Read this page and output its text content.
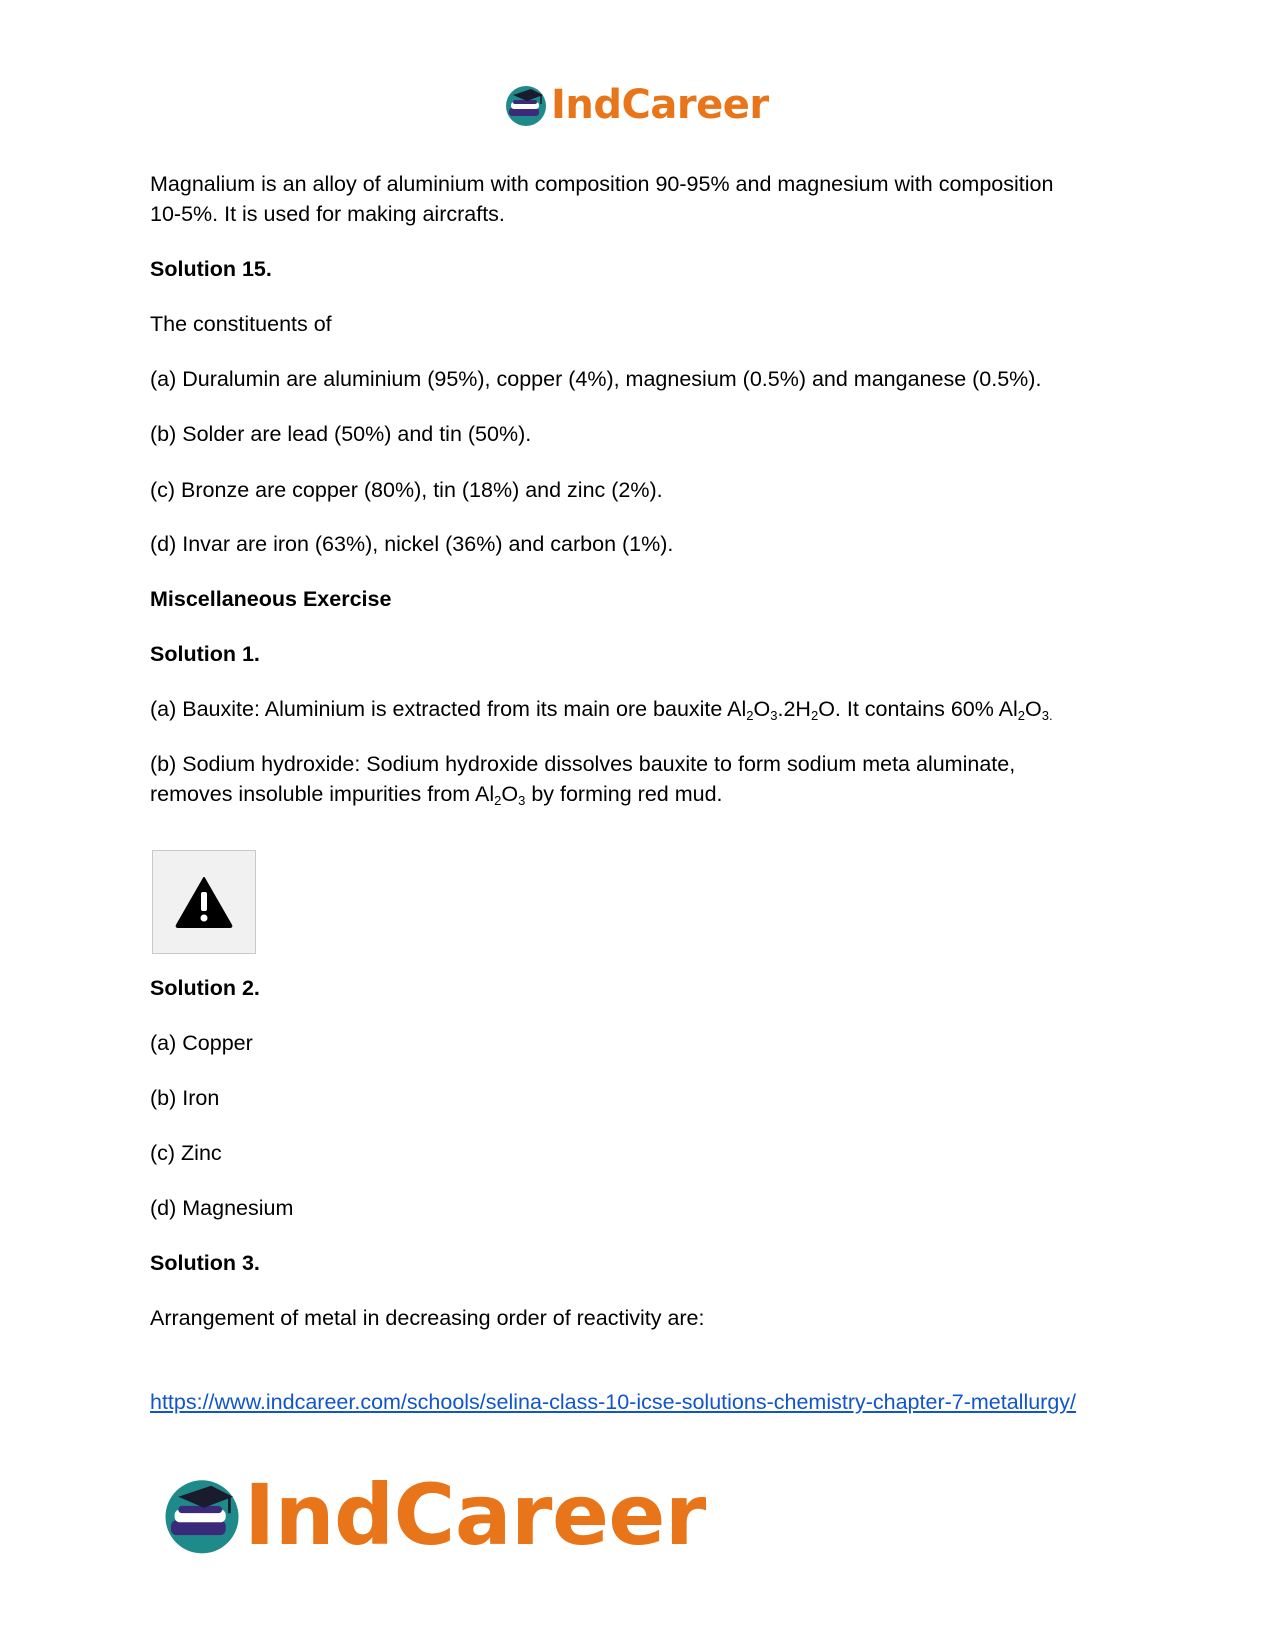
IndCareer
Magnalium is an alloy of aluminium with composition 90-95% and magnesium with composition
10-5%. It is used for making aircrafts.
Solution 15.
The constituents of
(a) Duralumin are aluminium (95%), copper (4%), magnesium (0.5%) and manganese (0.5%).
(b) Solder are lead (50%) and tin (50%).
(c) Bronze are copper (80%), tin (18%) and zinc (2%).
(d) Invar are iron (63%), nickel (36%) and carbon (1%).
Miscellaneous Exercise
Solution 1.
(a) Bauxite: Aluminium is extracted from its main ore bauxite $Al_2O_3.2H_2O$. It contains 60% $Al_2O_{3.}$
(b) Sodium hydroxide: Sodium hydroxide dissolves bauxite to form sodium meta aluminate,
removes insoluble impurities from $Al_2O_3$ by forming red mud.
Solution 2.
(a) Copper
(b) Iron
(c) Zinc
(d) Magnesium
Solution 3.
Arrangement of metal in decreasing order of reactivity are:
https://www.indcareer.com/schools/selina-class-10-icse-solutions-chemistry-chapter-7-metallurgy/
IndCareer
